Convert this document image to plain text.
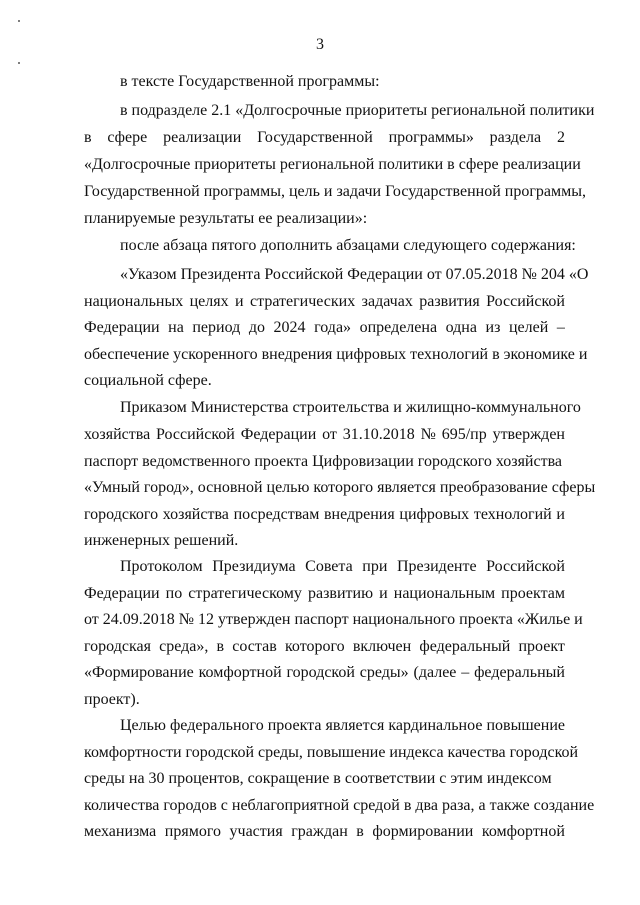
3
в тексте Государственной программы:
в подразделе 2.1 «Долгосрочные приоритеты региональной политики
в сфере реализации Государственной программы» раздела 2
«Долгосрочные приоритеты региональной политики в сфере реализации
Государственной программы, цель и задачи Государственной программы,
планируемые результаты ее реализации»:
после абзаца пятого дополнить абзацами следующего содержания:
«Указом Президента Российской Федерации от 07.05.2018 № 204 «О
национальных целях и стратегических задачах развития Российской
Федерации на период до 2024 года» определена одна из целей –
обеспечение ускоренного внедрения цифровых технологий в экономике и
социальной сфере.
Приказом Министерства строительства и жилищно-коммунального
хозяйства Российской Федерации от 31.10.2018 № 695/пр утвержден
паспорт ведомственного проекта Цифровизации городского хозяйства
«Умный город», основной целью которого является преобразование сферы
городского хозяйства посредствам внедрения цифровых технологий и
инженерных решений.
Протоколом Президиума Совета при Президенте Российской
Федерации по стратегическому развитию и национальным проектам
от 24.09.2018 № 12 утвержден паспорт национального проекта «Жилье и
городская среда», в состав которого включен федеральный проект
«Формирование комфортной городской среды» (далее – федеральный
проект).
Целью федерального проекта является кардинальное повышение
комфортности городской среды, повышение индекса качества городской
среды на 30 процентов, сокращение в соответствии с этим индексом
количества городов с неблагоприятной средой в два раза, а также создание
механизма прямого участия граждан в формировании комфортной
